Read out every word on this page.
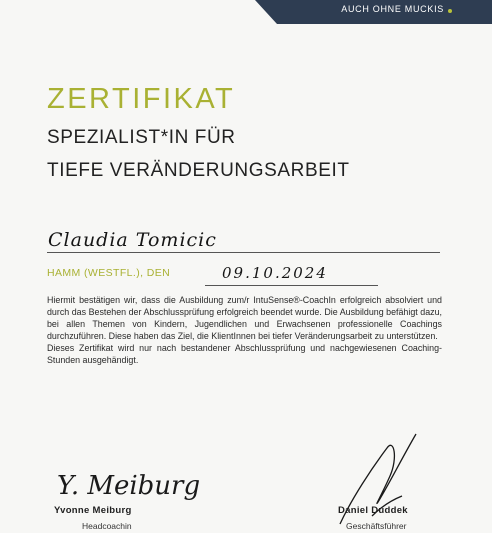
AUCH OHNE MUCKIS
ZERTIFIKAT
SPEZIALIST*IN FÜR
TIEFE VERÄNDERUNGSARBEIT
Claudia Tomicic
HAMM (WESTFL.), DEN	09.10.2024

Hiermit bestätigen wir, dass die Ausbildung zum/r IntuSense®-CoachIn erfolgreich absolviert und durch das Bestehen der Abschlussprüfung erfolgreich beendet wurde. Die Ausbildung befähigt dazu, bei allen Themen von Kindern, Jugendlichen und Erwachsenen professionelle Coachings durchzuführen. Diese haben das Ziel, die KlientInnen bei tiefer Veränderungsarbeit zu unterstützen.

Dieses Zertifikat wird nur nach bestandener Abschlussprüfung und nachgewiesenen Coaching-Stunden ausgehändigt.

Y. Meiburg
Yvonne Meiburg
Headcoachin
Daniel Duddek
Geschäftsführer
